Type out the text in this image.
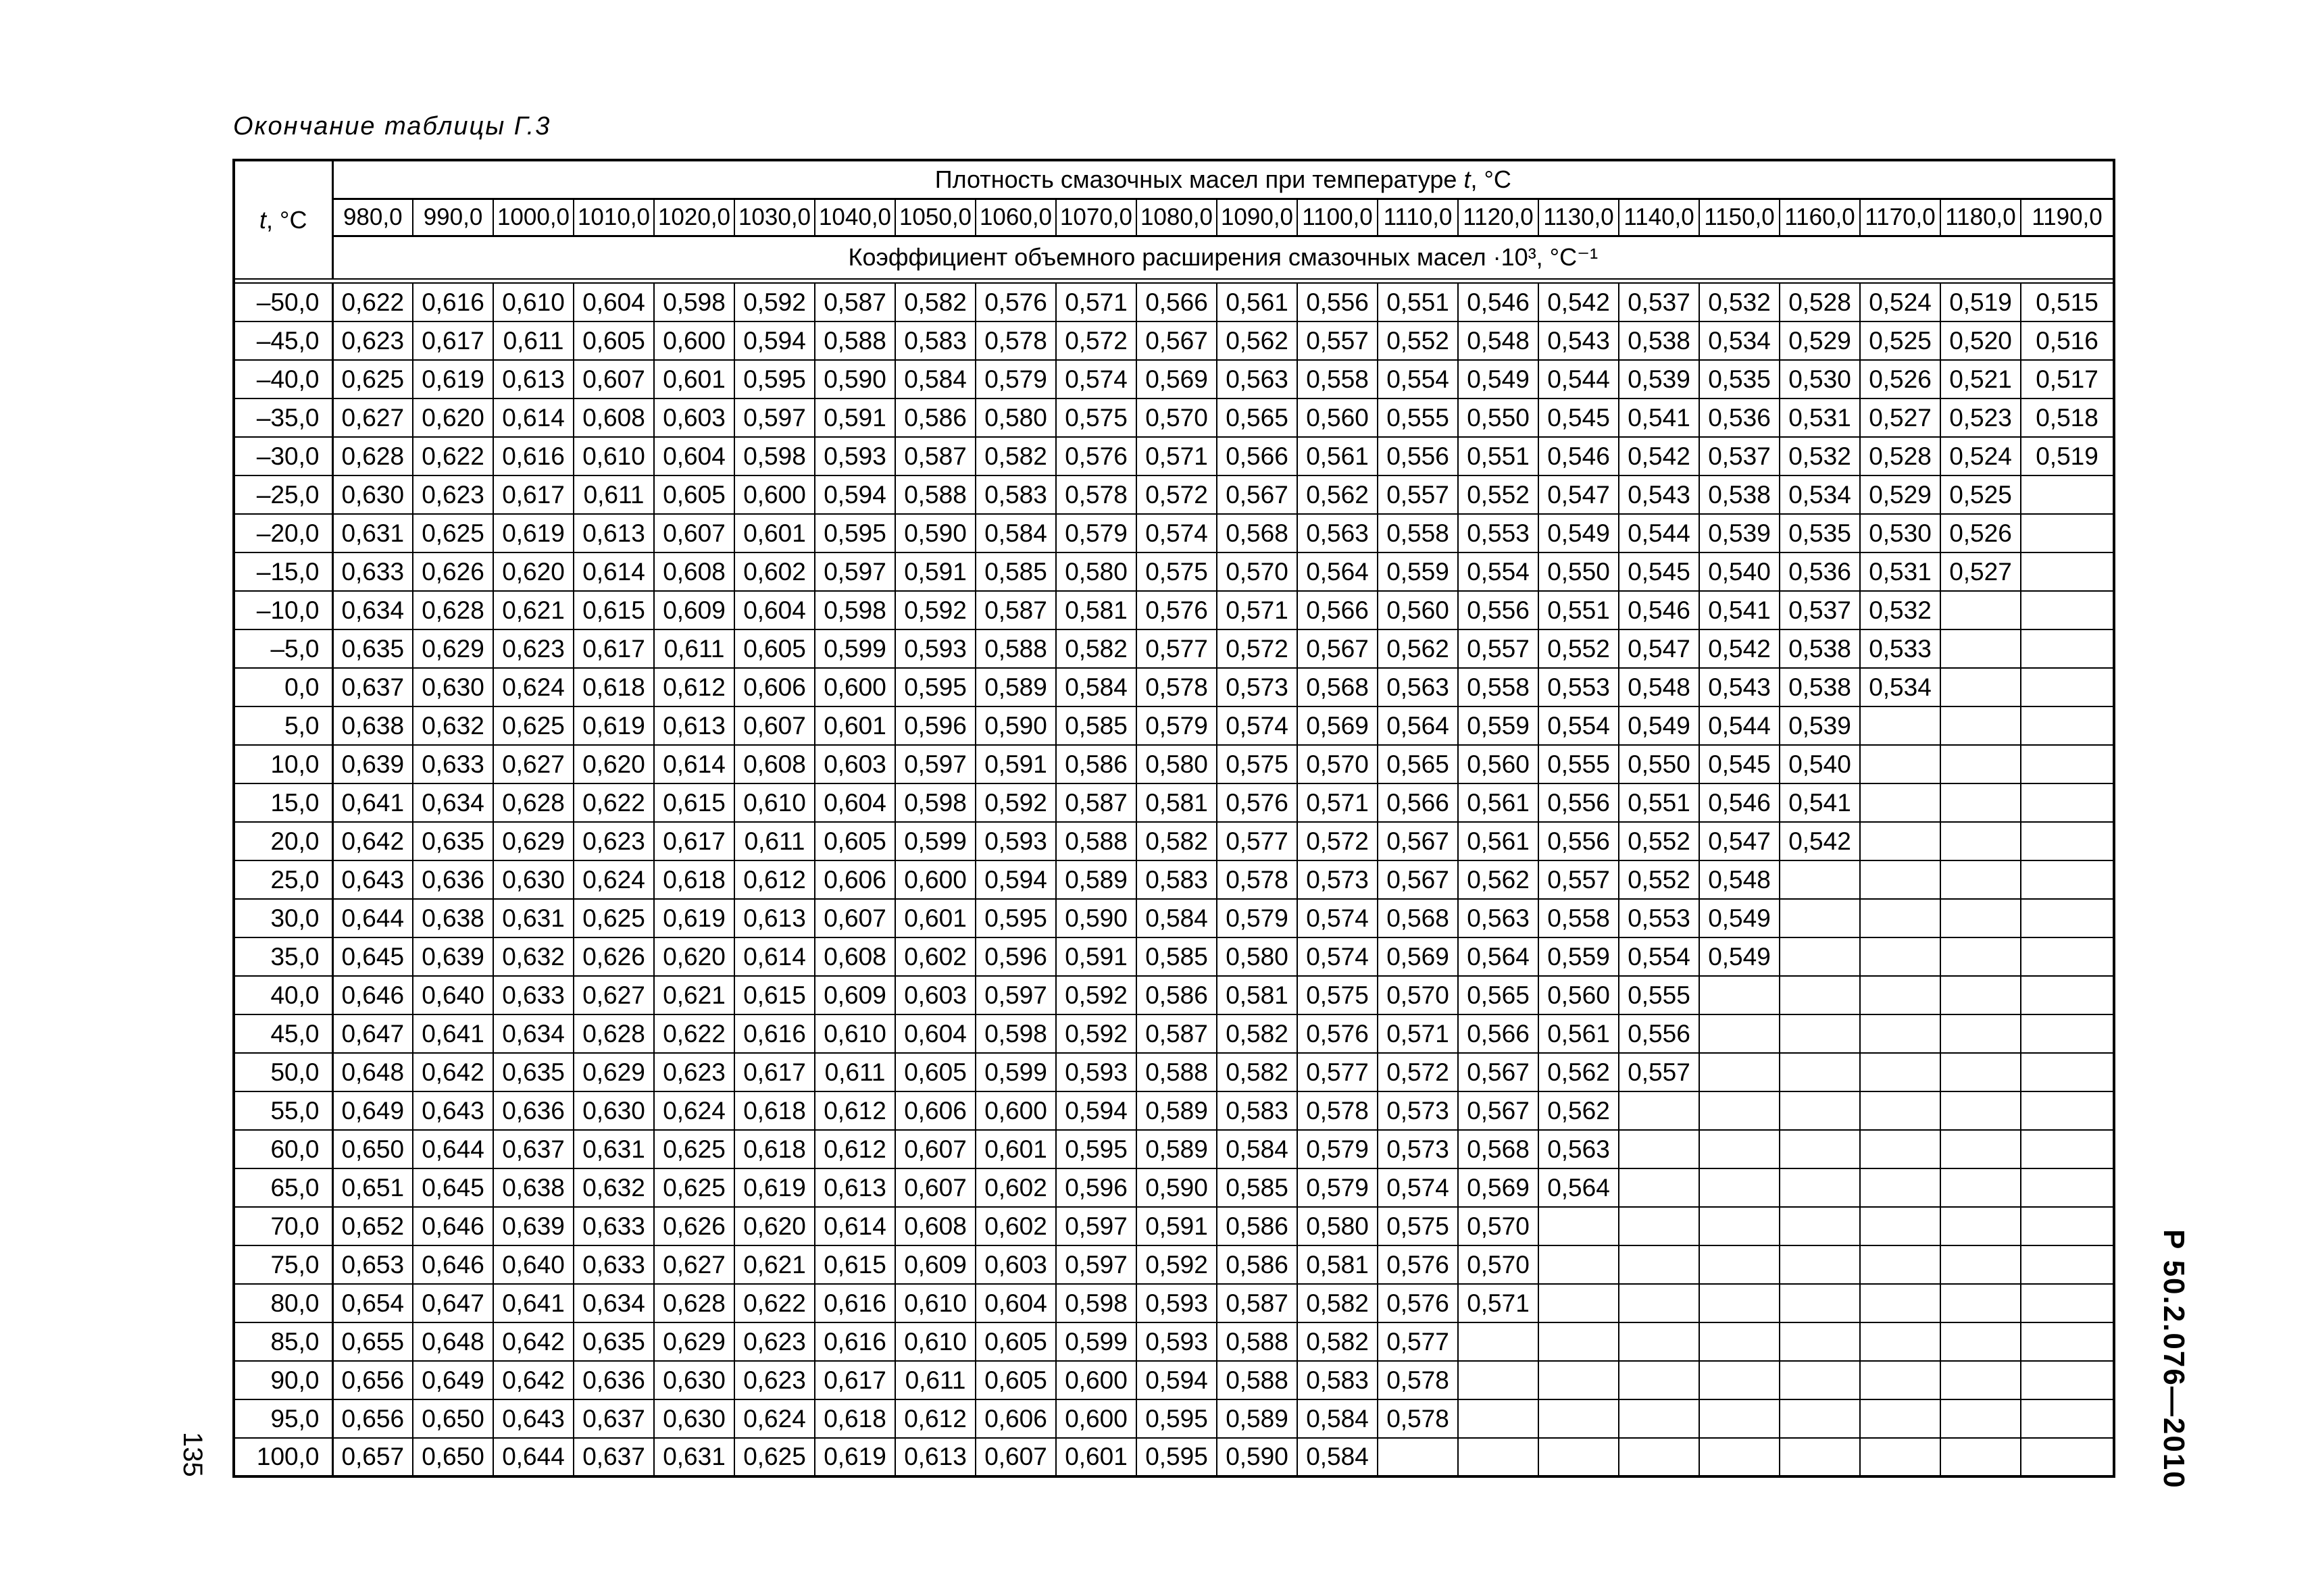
Окончание таблицы Г.3
t, °С	Плотность смазочных масел при температуре t, °С																					
	980,0	990,0	1000,0	1010,0	1020,0	1030,0	1040,0	1050,0	1060,0	1070,0	1080,0	1090,0	1100,0	1110,0	1120,0	1130,0	1140,0	1150,0	1160,0	1170,0	1180,0	1190,0
	Коэффициент объемного расширения смазочных масел ·10³, °С⁻¹																					

–50,0	0,622	0,616	0,610	0,604	0,598	0,592	0,587	0,582	0,576	0,571	0,566	0,561	0,556	0,551	0,546	0,542	0,537	0,532	0,528	0,524	0,519	0,515
–45,0	0,623	0,617	0,611	0,605	0,600	0,594	0,588	0,583	0,578	0,572	0,567	0,562	0,557	0,552	0,548	0,543	0,538	0,534	0,529	0,525	0,520	0,516
–40,0	0,625	0,619	0,613	0,607	0,601	0,595	0,590	0,584	0,579	0,574	0,569	0,563	0,558	0,554	0,549	0,544	0,539	0,535	0,530	0,526	0,521	0,517
–35,0	0,627	0,620	0,614	0,608	0,603	0,597	0,591	0,586	0,580	0,575	0,570	0,565	0,560	0,555	0,550	0,545	0,541	0,536	0,531	0,527	0,523	0,518
–30,0	0,628	0,622	0,616	0,610	0,604	0,598	0,593	0,587	0,582	0,576	0,571	0,566	0,561	0,556	0,551	0,546	0,542	0,537	0,532	0,528	0,524	0,519
–25,0	0,630	0,623	0,617	0,611	0,605	0,600	0,594	0,588	0,583	0,578	0,572	0,567	0,562	0,557	0,552	0,547	0,543	0,538	0,534	0,529	0,525	
–20,0	0,631	0,625	0,619	0,613	0,607	0,601	0,595	0,590	0,584	0,579	0,574	0,568	0,563	0,558	0,553	0,549	0,544	0,539	0,535	0,530	0,526	
–15,0	0,633	0,626	0,620	0,614	0,608	0,602	0,597	0,591	0,585	0,580	0,575	0,570	0,564	0,559	0,554	0,550	0,545	0,540	0,536	0,531	0,527	
–10,0	0,634	0,628	0,621	0,615	0,609	0,604	0,598	0,592	0,587	0,581	0,576	0,571	0,566	0,560	0,556	0,551	0,546	0,541	0,537	0,532		
–5,0	0,635	0,629	0,623	0,617	0,611	0,605	0,599	0,593	0,588	0,582	0,577	0,572	0,567	0,562	0,557	0,552	0,547	0,542	0,538	0,533		
0,0	0,637	0,630	0,624	0,618	0,612	0,606	0,600	0,595	0,589	0,584	0,578	0,573	0,568	0,563	0,558	0,553	0,548	0,543	0,538	0,534		
5,0	0,638	0,632	0,625	0,619	0,613	0,607	0,601	0,596	0,590	0,585	0,579	0,574	0,569	0,564	0,559	0,554	0,549	0,544	0,539			
10,0	0,639	0,633	0,627	0,620	0,614	0,608	0,603	0,597	0,591	0,586	0,580	0,575	0,570	0,565	0,560	0,555	0,550	0,545	0,540			
15,0	0,641	0,634	0,628	0,622	0,615	0,610	0,604	0,598	0,592	0,587	0,581	0,576	0,571	0,566	0,561	0,556	0,551	0,546	0,541			
20,0	0,642	0,635	0,629	0,623	0,617	0,611	0,605	0,599	0,593	0,588	0,582	0,577	0,572	0,567	0,561	0,556	0,552	0,547	0,542			
25,0	0,643	0,636	0,630	0,624	0,618	0,612	0,606	0,600	0,594	0,589	0,583	0,578	0,573	0,567	0,562	0,557	0,552	0,548				
30,0	0,644	0,638	0,631	0,625	0,619	0,613	0,607	0,601	0,595	0,590	0,584	0,579	0,574	0,568	0,563	0,558	0,553	0,549				
35,0	0,645	0,639	0,632	0,626	0,620	0,614	0,608	0,602	0,596	0,591	0,585	0,580	0,574	0,569	0,564	0,559	0,554	0,549				
40,0	0,646	0,640	0,633	0,627	0,621	0,615	0,609	0,603	0,597	0,592	0,586	0,581	0,575	0,570	0,565	0,560	0,555					
45,0	0,647	0,641	0,634	0,628	0,622	0,616	0,610	0,604	0,598	0,592	0,587	0,582	0,576	0,571	0,566	0,561	0,556					
50,0	0,648	0,642	0,635	0,629	0,623	0,617	0,611	0,605	0,599	0,593	0,588	0,582	0,577	0,572	0,567	0,562	0,557					
55,0	0,649	0,643	0,636	0,630	0,624	0,618	0,612	0,606	0,600	0,594	0,589	0,583	0,578	0,573	0,567	0,562						
60,0	0,650	0,644	0,637	0,631	0,625	0,618	0,612	0,607	0,601	0,595	0,589	0,584	0,579	0,573	0,568	0,563						
65,0	0,651	0,645	0,638	0,632	0,625	0,619	0,613	0,607	0,602	0,596	0,590	0,585	0,579	0,574	0,569	0,564						
70,0	0,652	0,646	0,639	0,633	0,626	0,620	0,614	0,608	0,602	0,597	0,591	0,586	0,580	0,575	0,570							
75,0	0,653	0,646	0,640	0,633	0,627	0,621	0,615	0,609	0,603	0,597	0,592	0,586	0,581	0,576	0,570							
80,0	0,654	0,647	0,641	0,634	0,628	0,622	0,616	0,610	0,604	0,598	0,593	0,587	0,582	0,576	0,571							
85,0	0,655	0,648	0,642	0,635	0,629	0,623	0,616	0,610	0,605	0,599	0,593	0,588	0,582	0,577								
90,0	0,656	0,649	0,642	0,636	0,630	0,623	0,617	0,611	0,605	0,600	0,594	0,588	0,583	0,578								
95,0	0,656	0,650	0,643	0,637	0,630	0,624	0,618	0,612	0,606	0,600	0,595	0,589	0,584	0,578								
100,0	0,657	0,650	0,644	0,637	0,631	0,625	0,619	0,613	0,607	0,601	0,595	0,590	0,584									
135	Р 50.2.076—2010
